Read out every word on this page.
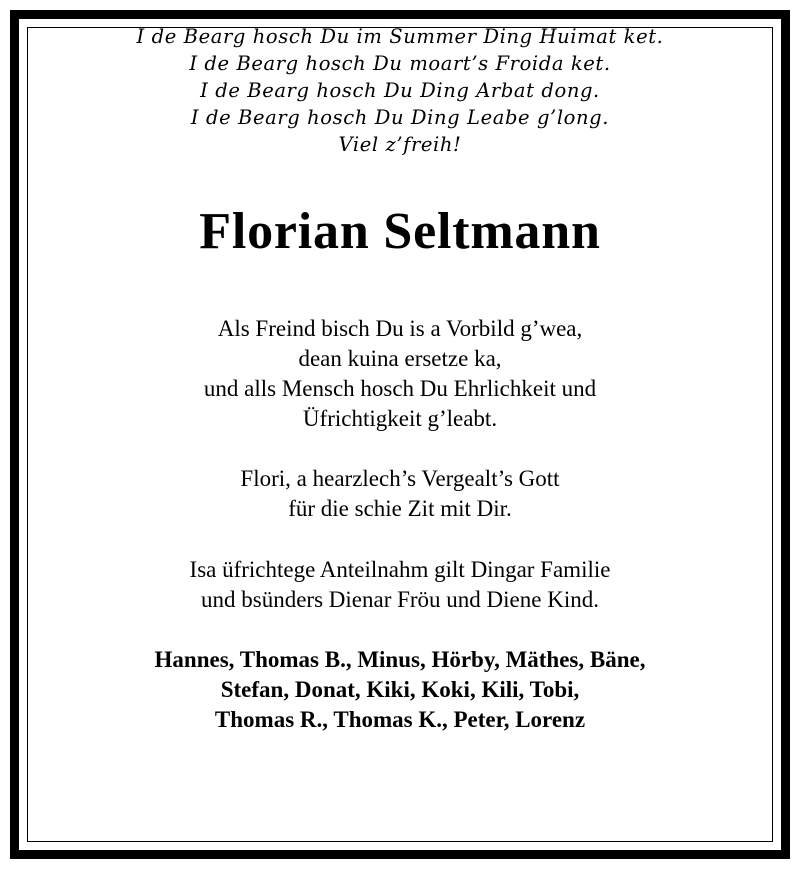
I de Bearg hosch Du im Summer Ding Huimat ket.
I de Bearg hosch Du moart’s Froida ket.
I de Bearg hosch Du Ding Arbat dong.
I de Bearg hosch Du Ding Leabe g’long.
Viel z’freih!

Florian Seltmann

Als Freind bisch Du is a Vorbild g’wea,
dean kuina ersetze ka,
und alls Mensch hosch Du Ehrlichkeit und
Üfrichtigkeit g’leabt.

Flori, a hearzlech’s Vergealt’s Gott
für die schie Zit mit Dir.

Isa üfrichtege Anteilnahm gilt Dingar Familie
und bsünders Dienar Fröu und Diene Kind.

Hannes, Thomas B., Minus, Hörby, Mäthes, Bäne,
Stefan, Donat, Kiki, Koki, Kili, Tobi,
Thomas R., Thomas K., Peter, Lorenz
